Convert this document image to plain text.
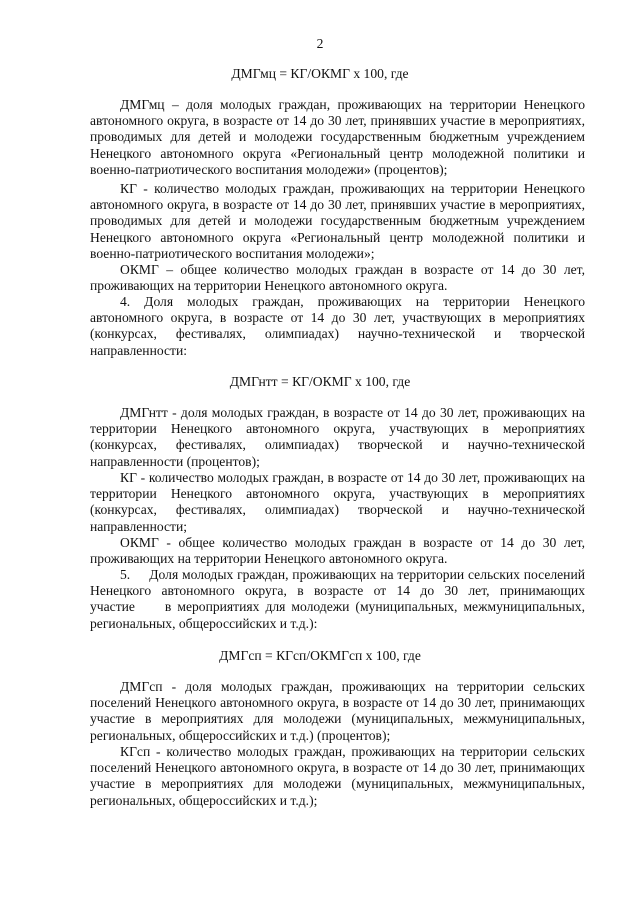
2
ДМГмц = КГ/ОКМГ х 100, где

ДМГмц – доля молодых граждан, проживающих на территории Ненецкого автономного округа, в возрасте от 14 до 30 лет, принявших участие в мероприятиях, проводимых для детей и молодежи государственным бюджетным учреждением Ненецкого автономного округа «Региональный центр молодежной политики и военно-патриотического воспитания молодежи» (процентов);

КГ - количество молодых граждан, проживающих на территории Ненецкого автономного округа, в возрасте от 14 до 30 лет, принявших участие в мероприятиях, проводимых для детей и молодежи государственным бюджетным учреждением Ненецкого автономного округа «Региональный центр молодежной политики и военно-патриотического воспитания молодежи»;

ОКМГ – общее количество молодых граждан в возрасте от 14 до 30 лет, проживающих на территории Ненецкого автономного округа.

4. Доля молодых граждан, проживающих на территории Ненецкого автономного округа, в возрасте от 14 до 30 лет, участвующих в мероприятиях (конкурсах, фестивалях, олимпиадах) научно-технической и творческой направленности:

ДМГнтт = КГ/ОКМГ х 100, где

ДМГнтт - доля молодых граждан, в возрасте от 14 до 30 лет, проживающих на территории Ненецкого автономного округа, участвующих в мероприятиях (конкурсах, фестивалях, олимпиадах) творческой и научно-технической направленности (процентов);

КГ - количество молодых граждан, в возрасте от 14 до 30 лет, проживающих на территории Ненецкого автономного округа, участвующих в мероприятиях (конкурсах, фестивалях, олимпиадах) творческой и научно-технической направленности;

ОКМГ - общее количество молодых граждан в возрасте от 14 до 30 лет, проживающих на территории Ненецкого автономного округа.

5.     Доля молодых граждан, проживающих на территории сельских поселений Ненецкого автономного округа, в возрасте от 14 до 30 лет, принимающих участие     в мероприятиях для молодежи (муниципальных, межмуниципальных, региональных, общероссийских и т.д.):

ДМГсп = КГсп/ОКМГсп х 100, где

ДМГсп - доля молодых граждан, проживающих на территории сельских поселений Ненецкого автономного округа, в возрасте от 14 до 30 лет, принимающих участие в мероприятиях для молодежи (муниципальных, межмуниципальных, региональных, общероссийских и т.д.) (процентов);

КГсп - количество молодых граждан, проживающих на территории сельских поселений Ненецкого автономного округа, в возрасте от 14 до 30 лет, принимающих участие в мероприятиях для молодежи (муниципальных, межмуниципальных, региональных, общероссийских и т.д.);
